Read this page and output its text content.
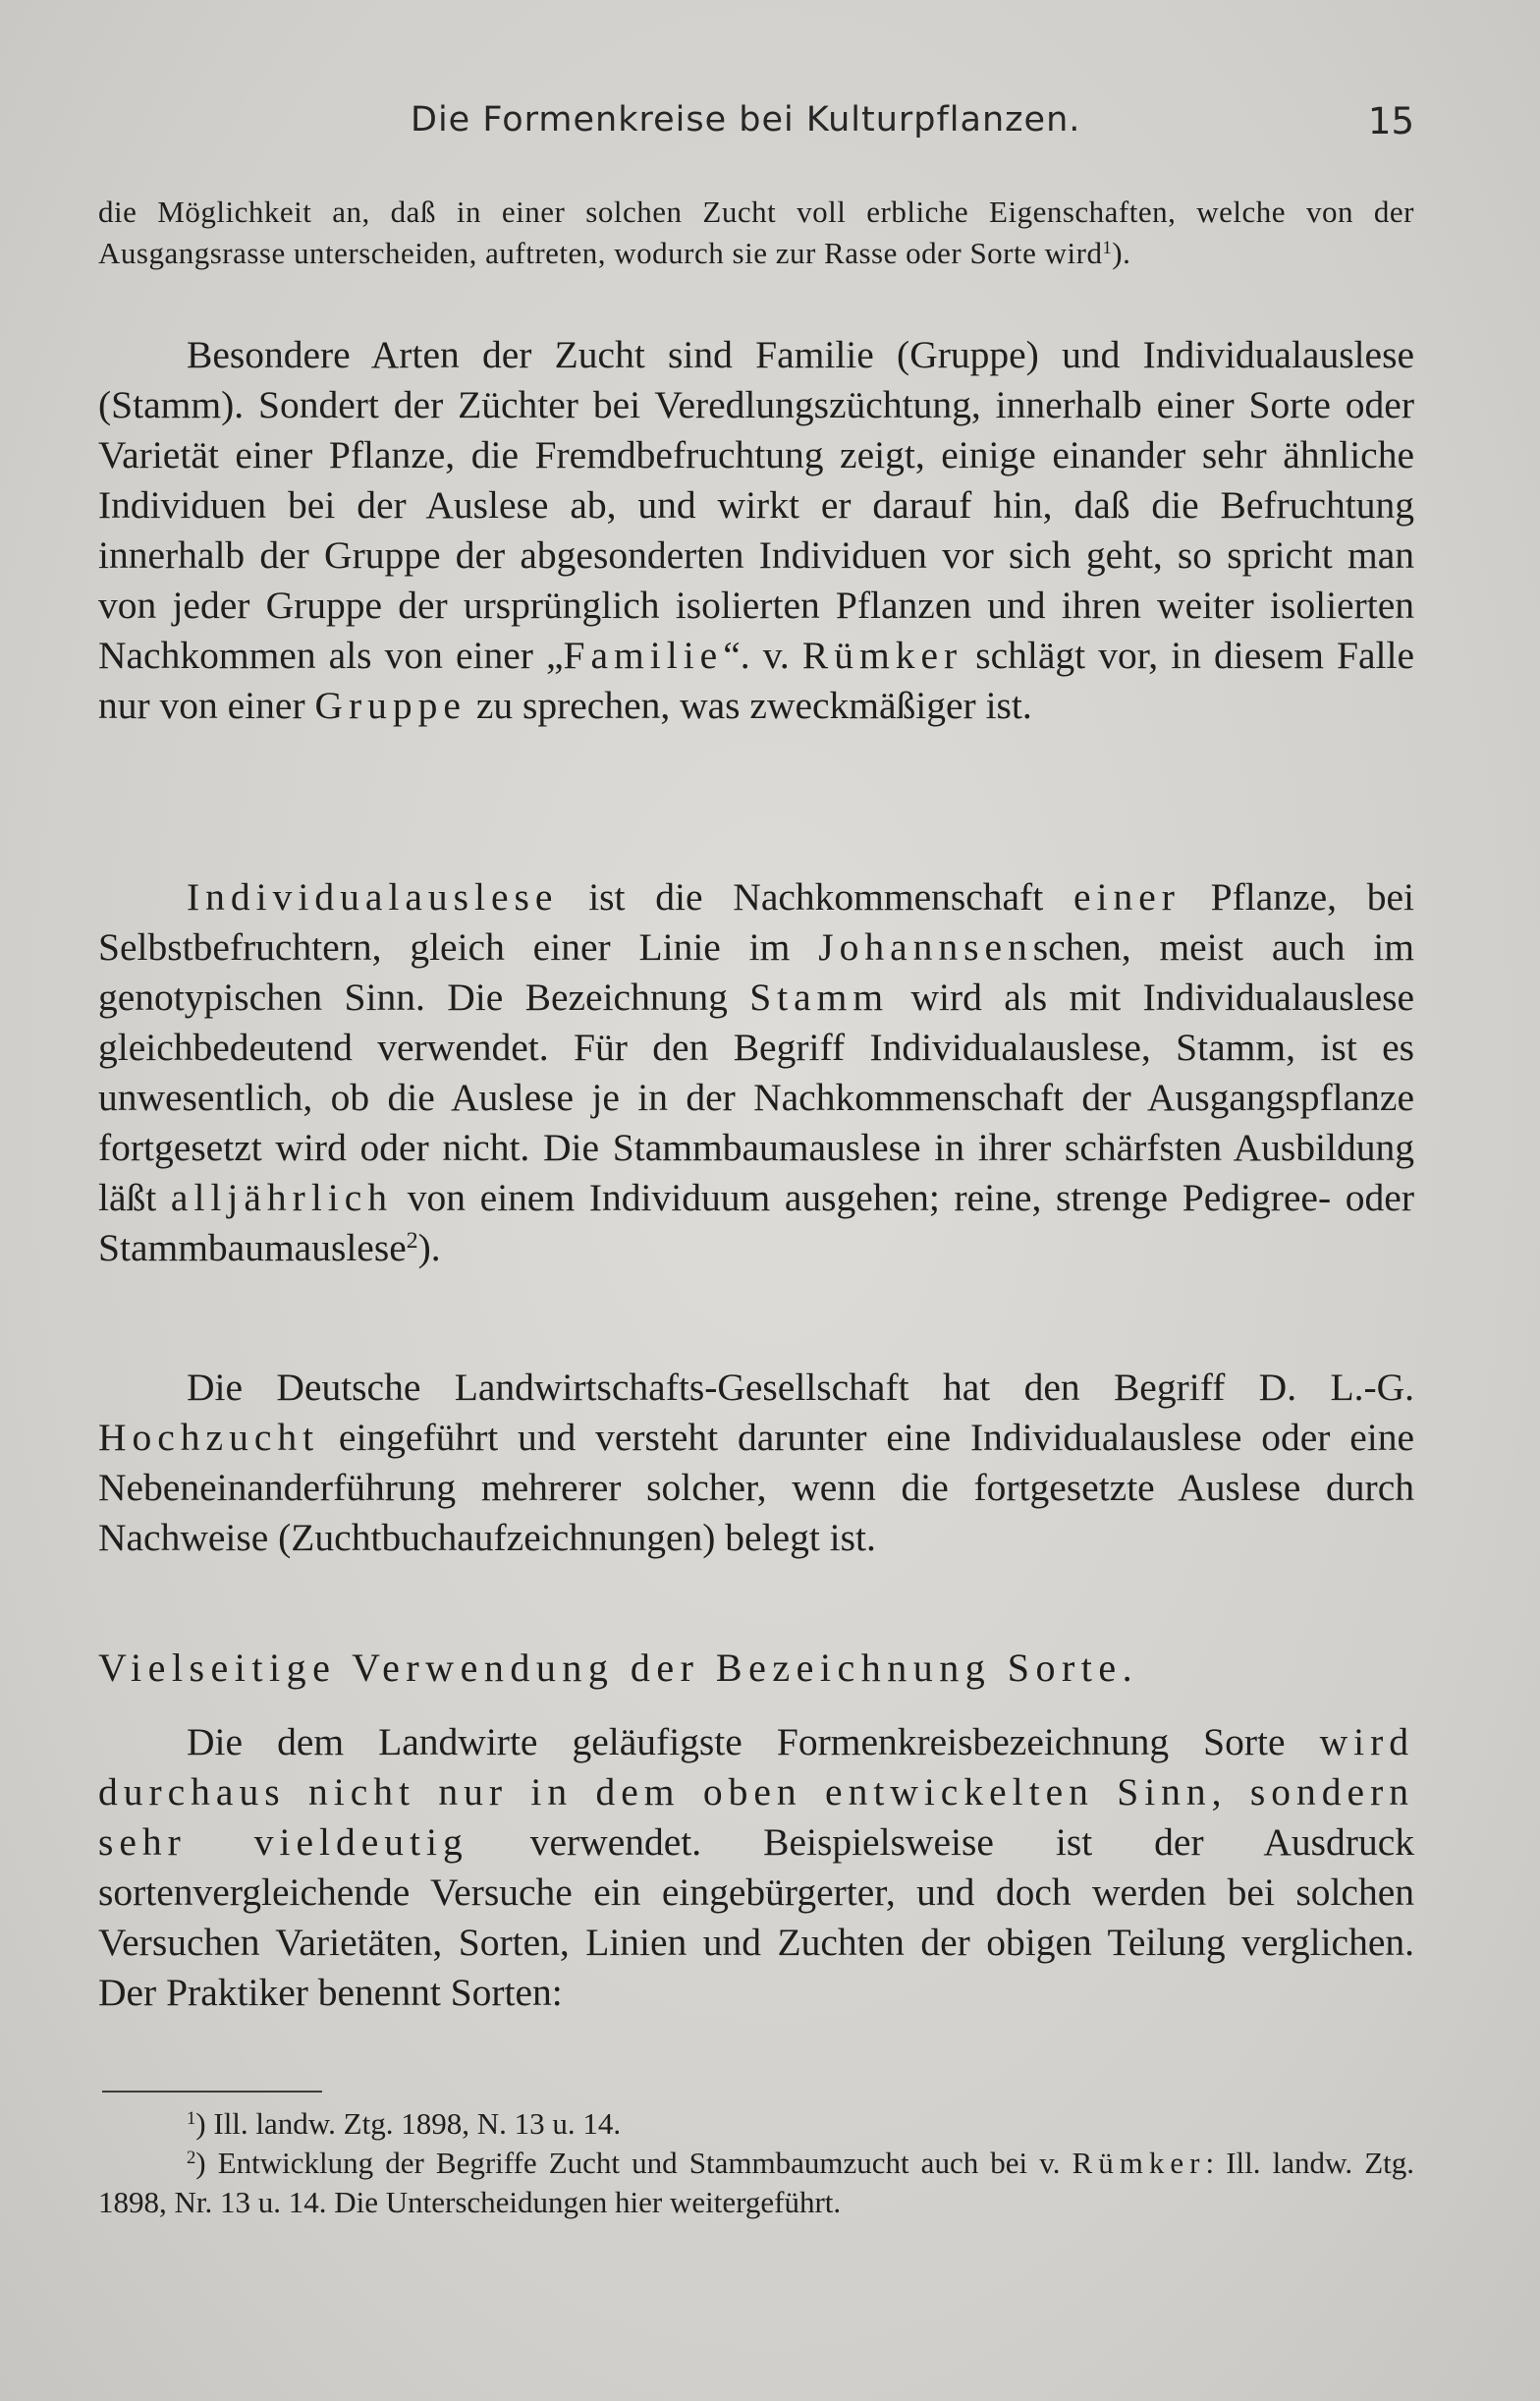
Die Formenkreise bei Kulturpflanzen.	15

die Möglichkeit an, daß in einer solchen Zucht voll erbliche Eigenschaften, welche von der Ausgangsrasse unterscheiden, auftreten, wodurch sie zur Rasse oder Sorte wird$^1$).

Besondere Arten der Zucht sind Familie (Gruppe) und Individualauslese (Stamm). Sondert der Züchter bei Veredlungszüchtung, innerhalb einer Sorte oder Varietät einer Pflanze, die Fremdbefruchtung zeigt, einige einander sehr ähnliche Individuen bei der Auslese ab, und wirkt er darauf hin, daß die Befruchtung innerhalb der Gruppe der abgesonderten Individuen vor sich geht, so spricht man von jeder Gruppe der ursprünglich isolierten Pflanzen und ihren weiter isolierten Nachkommen als von einer „Familie“. v. Rümker schlägt vor, in diesem Falle nur von einer Gruppe zu sprechen, was zweckmäßiger ist.

Individualauslese ist die Nachkommenschaft einer Pflanze, bei Selbstbefruchtern, gleich einer Linie im Johannsenschen, meist auch im genotypischen Sinn. Die Bezeichnung Stamm wird als mit Individualauslese gleichbedeutend verwendet. Für den Begriff Individualauslese, Stamm, ist es unwesentlich, ob die Auslese je in der Nachkommenschaft der Ausgangspflanze fortgesetzt wird oder nicht. Die Stammbaumauslese in ihrer schärfsten Ausbildung läßt alljährlich von einem Individuum ausgehen; reine, strenge Pedigree- oder Stammbaumauslese$^2$).

Die Deutsche Landwirtschafts-Gesellschaft hat den Begriff D. L.-G. Hochzucht eingeführt und versteht darunter eine Individualauslese oder eine Nebeneinanderführung mehrerer solcher, wenn die fortgesetzte Auslese durch Nachweise (Zuchtbuchaufzeichnungen) belegt ist.

Vielseitige Verwendung der Bezeichnung Sorte.

Die dem Landwirte geläufigste Formenkreisbezeichnung Sorte wird durchaus nicht nur in dem oben entwickelten Sinn, sondern sehr vieldeutig verwendet. Beispielsweise ist der Ausdruck sortenvergleichende Versuche ein eingebürgerter, und doch werden bei solchen Versuchen Varietäten, Sorten, Linien und Zuchten der obigen Teilung verglichen. Der Praktiker benennt Sorten:

$^1$) Ill. landw. Ztg. 1898, N. 13 u. 14.
$^2$) Entwicklung der Begriffe Zucht und Stammbaumzucht auch bei v. Rümker: Ill. landw. Ztg. 1898, Nr. 13 u. 14. Die Unterscheidungen hier weitergeführt.
